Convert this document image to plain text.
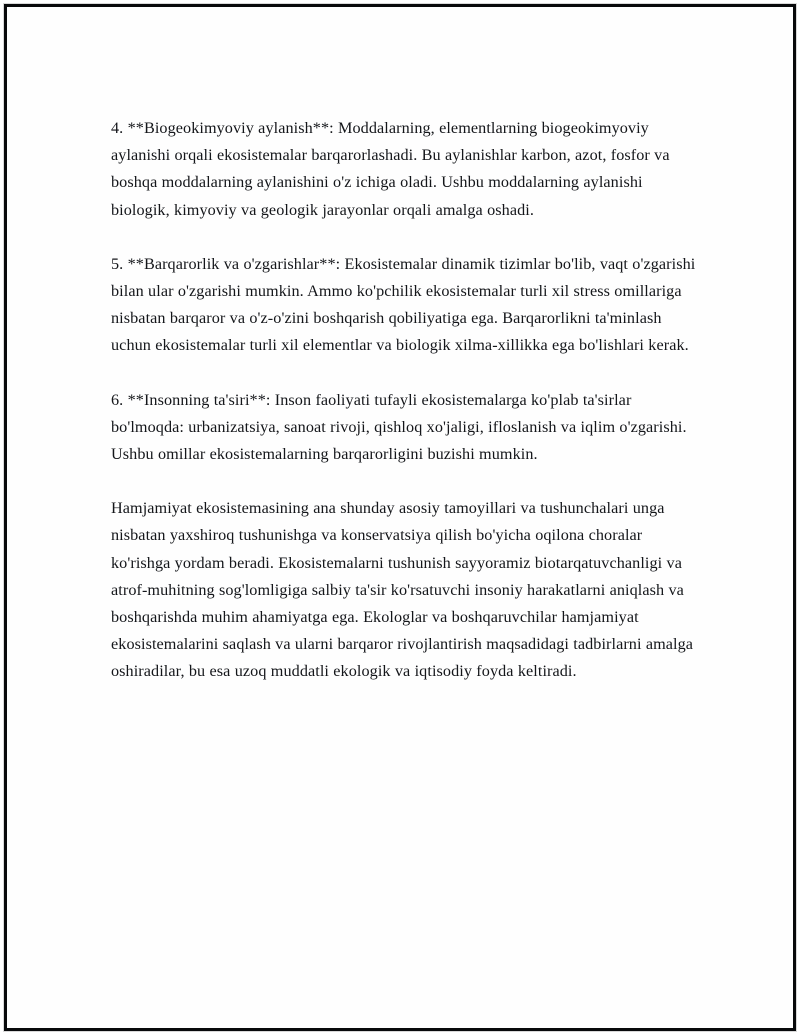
4. **Biogeokimyoviy aylanish**: Moddalarning, elementlarning biogeokimyoviy aylanishi orqali ekosistemalar barqarorlashadi. Bu aylanishlar karbon, azot, fosfor va boshqa moddalarning aylanishini o'z ichiga oladi. Ushbu moddalarning aylanishi biologik, kimyoviy va geologik jarayonlar orqali amalga oshadi.

5. **Barqarorlik va o'zgarishlar**: Ekosistemalar dinamik tizimlar bo'lib, vaqt o'zgarishi bilan ular o'zgarishi mumkin. Ammo ko'pchilik ekosistemalar turli xil stress omillariga nisbatan barqaror va o'z-o'zini boshqarish qobiliyatiga ega. Barqarorlikni ta'minlash uchun ekosistemalar turli xil elementlar va biologik xilma-xillikka ega bo'lishlari kerak.

6. **Insonning ta'siri**: Inson faoliyati tufayli ekosistemalarga ko'plab ta'sirlar bo'lmoqda: urbanizatsiya, sanoat rivoji, qishloq xo'jaligi, ifloslanish va iqlim o'zgarishi. Ushbu omillar ekosistemalarning barqarorligini buzishi mumkin.

Hamjamiyat ekosistemasining ana shunday asosiy tamoyillari va tushunchalari unga nisbatan yaxshiroq tushunishga va konservatsiya qilish bo'yicha oqilona choralar ko'rishga yordam beradi. Ekosistemalarni tushunish sayyoramiz biotarqatuvchanligi va atrof-muhitning sog'lomligiga salbiy ta'sir ko'rsatuvchi insoniy harakatlarni aniqlash va boshqarishda muhim ahamiyatga ega. Ekologlar va boshqaruvchilar hamjamiyat ekosistemalarini saqlash va ularni barqaror rivojlantirish maqsadidagi tadbirlarni amalga oshiradilar, bu esa uzoq muddatli ekologik va iqtisodiy foyda keltiradi.
